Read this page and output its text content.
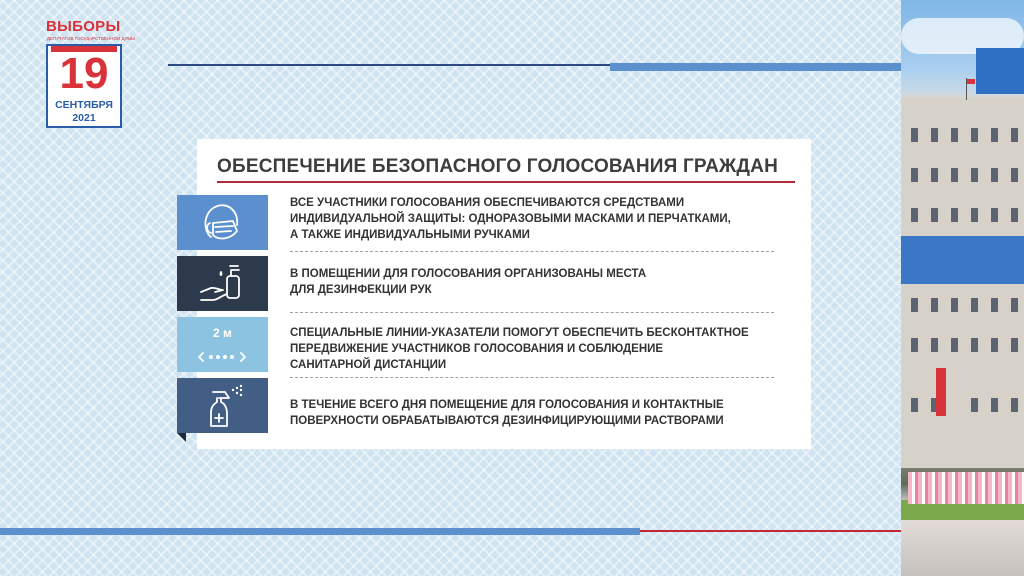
ВЫБОРЫ
ДЕПУТАТОВ ГОСУДАРСТВЕННОЙ ДУМЫ
19
СЕНТЯБРЯ
2021
ОБЕСПЕЧЕНИЕ БЕЗОПАСНОГО ГОЛОСОВАНИЯ ГРАЖДАН
2 м
ВСЕ УЧАСТНИКИ ГОЛОСОВАНИЯ ОБЕСПЕЧИВАЮТСЯ СРЕДСТВАМИ
ИНДИВИДУАЛЬНОЙ ЗАЩИТЫ: ОДНОРАЗОВЫМИ МАСКАМИ И ПЕРЧАТКАМИ,
А ТАКЖЕ ИНДИВИДУАЛЬНЫМИ РУЧКАМИ
В ПОМЕЩЕНИИ ДЛЯ ГОЛОСОВАНИЯ ОРГАНИЗОВАНЫ МЕСТА
ДЛЯ ДЕЗИНФЕКЦИИ РУК
СПЕЦИАЛЬНЫЕ ЛИНИИ-УКАЗАТЕЛИ ПОМОГУТ ОБЕСПЕЧИТЬ БЕСКОНТАКТНОЕ
ПЕРЕДВИЖЕНИЕ УЧАСТНИКОВ ГОЛОСОВАНИЯ И СОБЛЮДЕНИЕ
САНИТАРНОЙ ДИСТАНЦИИ
В ТЕЧЕНИЕ ВСЕГО ДНЯ ПОМЕЩЕНИЕ ДЛЯ ГОЛОСОВАНИЯ И КОНТАКТНЫЕ
ПОВЕРХНОСТИ ОБРАБАТЫВАЮТСЯ ДЕЗИНФИЦИРУЮЩИМИ РАСТВОРАМИ
